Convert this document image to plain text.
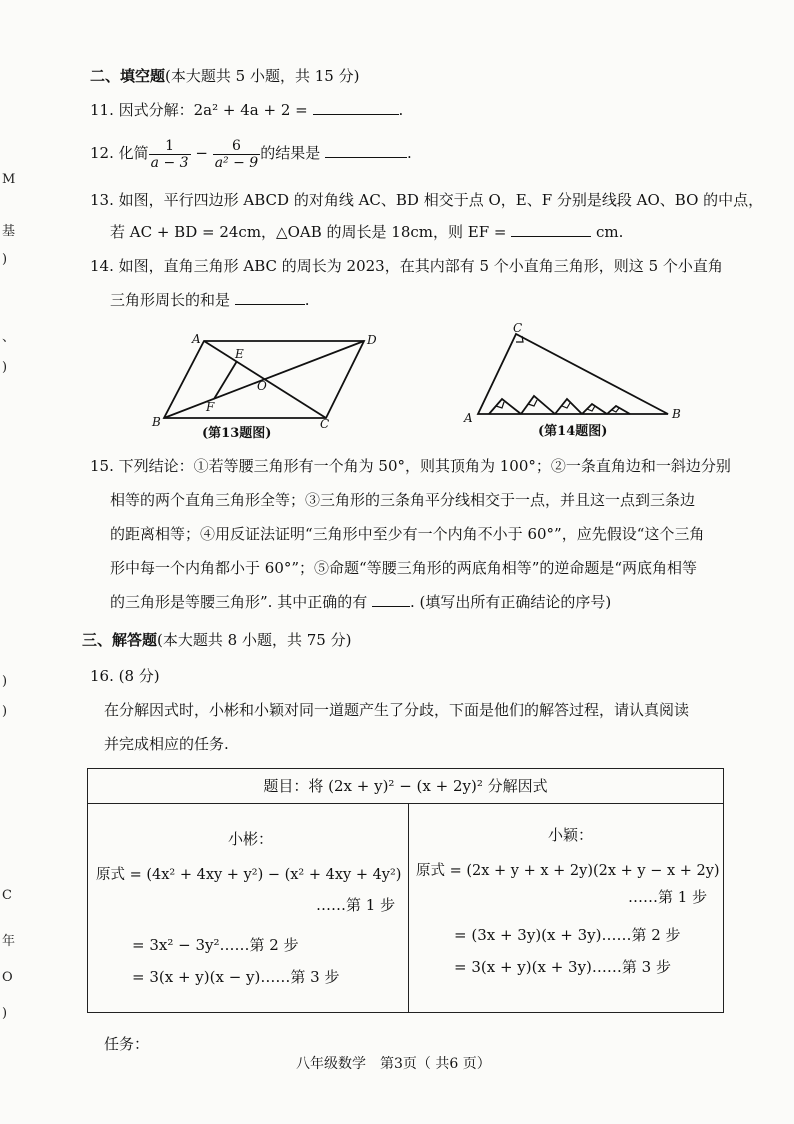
M
基
)
、
)
)
)
C
年
O
)
二、填空题(本大题共 5 小题，共 15 分)
11. 因式分解：2a² + 4a + 2 =	.
12. 化简 $\frac{1}{a - 3} - \frac{6}{\text{a² − 9}}$ 的结果是	.
13. 如图，平行四边形 ABCD 的对角线 AC、BD 相交于点 O，E、F 分别是线段 AO、BO 的中点，
若 AC + BD = 24cm，△OAB 的周长是 18cm，则 EF =	cm.
14. 如图，直角三角形 ABC 的周长为 2023，在其内部有 5 个小直角三角形，则这 5 个小直角
三角形周长的和是	.
A	D
B	C
E
F
O
(第13题图)
C
A	B
(第14题图)
15. 下列结论：①若等腰三角形有一个角为 50°，则其顶角为 100°；②一条直角边和一斜边分别
相等的两个直角三角形全等；③三角形的三条角平分线相交于一点，并且这一点到三条边
的距离相等；④用反证法证明“三角形中至少有一个内角不小于 60°”，应先假设“这个三角
形中每一个内角都小于 60°”；⑤命题“等腰三角形的两底角相等”的逆命题是“两底角相等
的三角形是等腰三角形”. 其中正确的有	. (填写出所有正确结论的序号)
三、解答题(本大题共 8 小题，共 75 分)
16. (8 分)
在分解因式时，小彬和小颖对同一道题产生了分歧，下面是他们的解答过程，请认真阅读
并完成相应的任务.
题目：将 (2x + y)² − (x + 2y)² 分解因式
小彬：
原式 = (4x² + 4xy + y²) − (x² + 4xy + 4y²)
……第 1 步
= 3x² − 3y²……第 2 步
= 3(x + y)(x − y)……第 3 步
小颖：
原式 = (2x + y + x + 2y)(2x + y − x + 2y)
……第 1 步
= (3x + 3y)(x + 3y)……第 2 步
= 3(x + y)(x + 3y)……第 3 步
任务：
八年级数学　第3页（ 共6 页）
